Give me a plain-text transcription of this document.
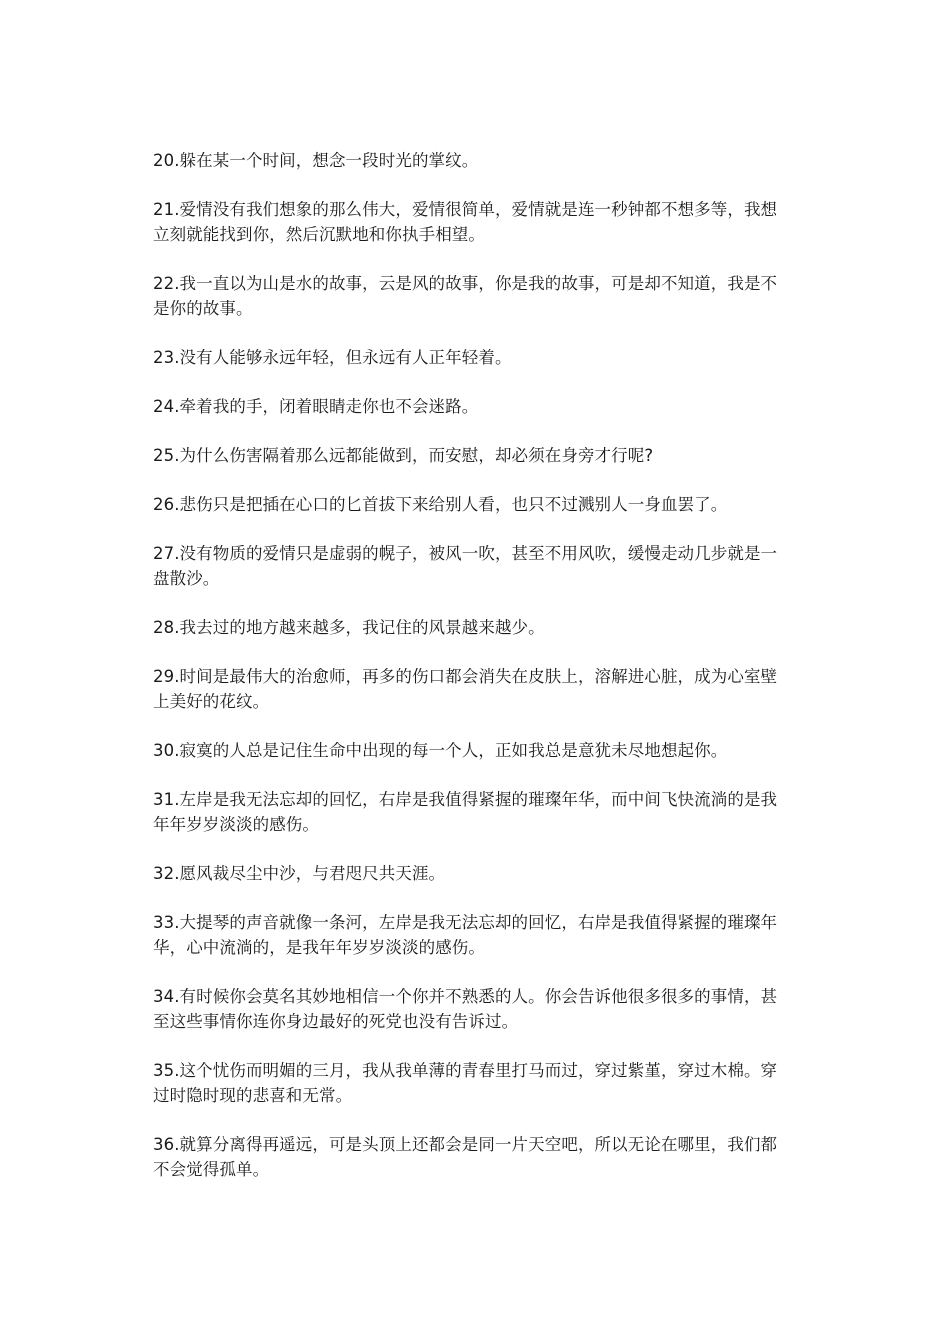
20.躲在某一个时间，想念一段时光的掌纹。

21.爱情没有我们想象的那么伟大，爱情很简单，爱情就是连一秒钟都不想多等，我想立刻就能找到你，然后沉默地和你执手相望。

22.我一直以为山是水的故事，云是风的故事，你是我的故事，可是却不知道，我是不是你的故事。

23.没有人能够永远年轻，但永远有人正年轻着。

24.牵着我的手，闭着眼睛走你也不会迷路。

25.为什么伤害隔着那么远都能做到，而安慰，却必须在身旁才行呢?

26.悲伤只是把插在心口的匕首拔下来给别人看，也只不过溅别人一身血罢了。

27.没有物质的爱情只是虚弱的幌子，被风一吹，甚至不用风吹，缓慢走动几步就是一盘散沙。

28.我去过的地方越来越多，我记住的风景越来越少。

29.时间是最伟大的治愈师，再多的伤口都会消失在皮肤上，溶解进心脏，成为心室壁上美好的花纹。

30.寂寞的人总是记住生命中出现的每一个人，正如我总是意犹未尽地想起你。

31.左岸是我无法忘却的回忆，右岸是我值得紧握的璀璨年华，而中间飞快流淌的是我年年岁岁淡淡的感伤。

32.愿风裁尽尘中沙，与君咫尺共天涯。

33.大提琴的声音就像一条河，左岸是我无法忘却的回忆，右岸是我值得紧握的璀璨年华，心中流淌的，是我年年岁岁淡淡的感伤。

34.有时候你会莫名其妙地相信一个你并不熟悉的人。你会告诉他很多很多的事情，甚至这些事情你连你身边最好的死党也没有告诉过。

35.这个忧伤而明媚的三月，我从我单薄的青春里打马而过，穿过紫堇，穿过木棉。穿过时隐时现的悲喜和无常。

36.就算分离得再遥远，可是头顶上还都会是同一片天空吧，所以无论在哪里，我们都不会觉得孤单。
